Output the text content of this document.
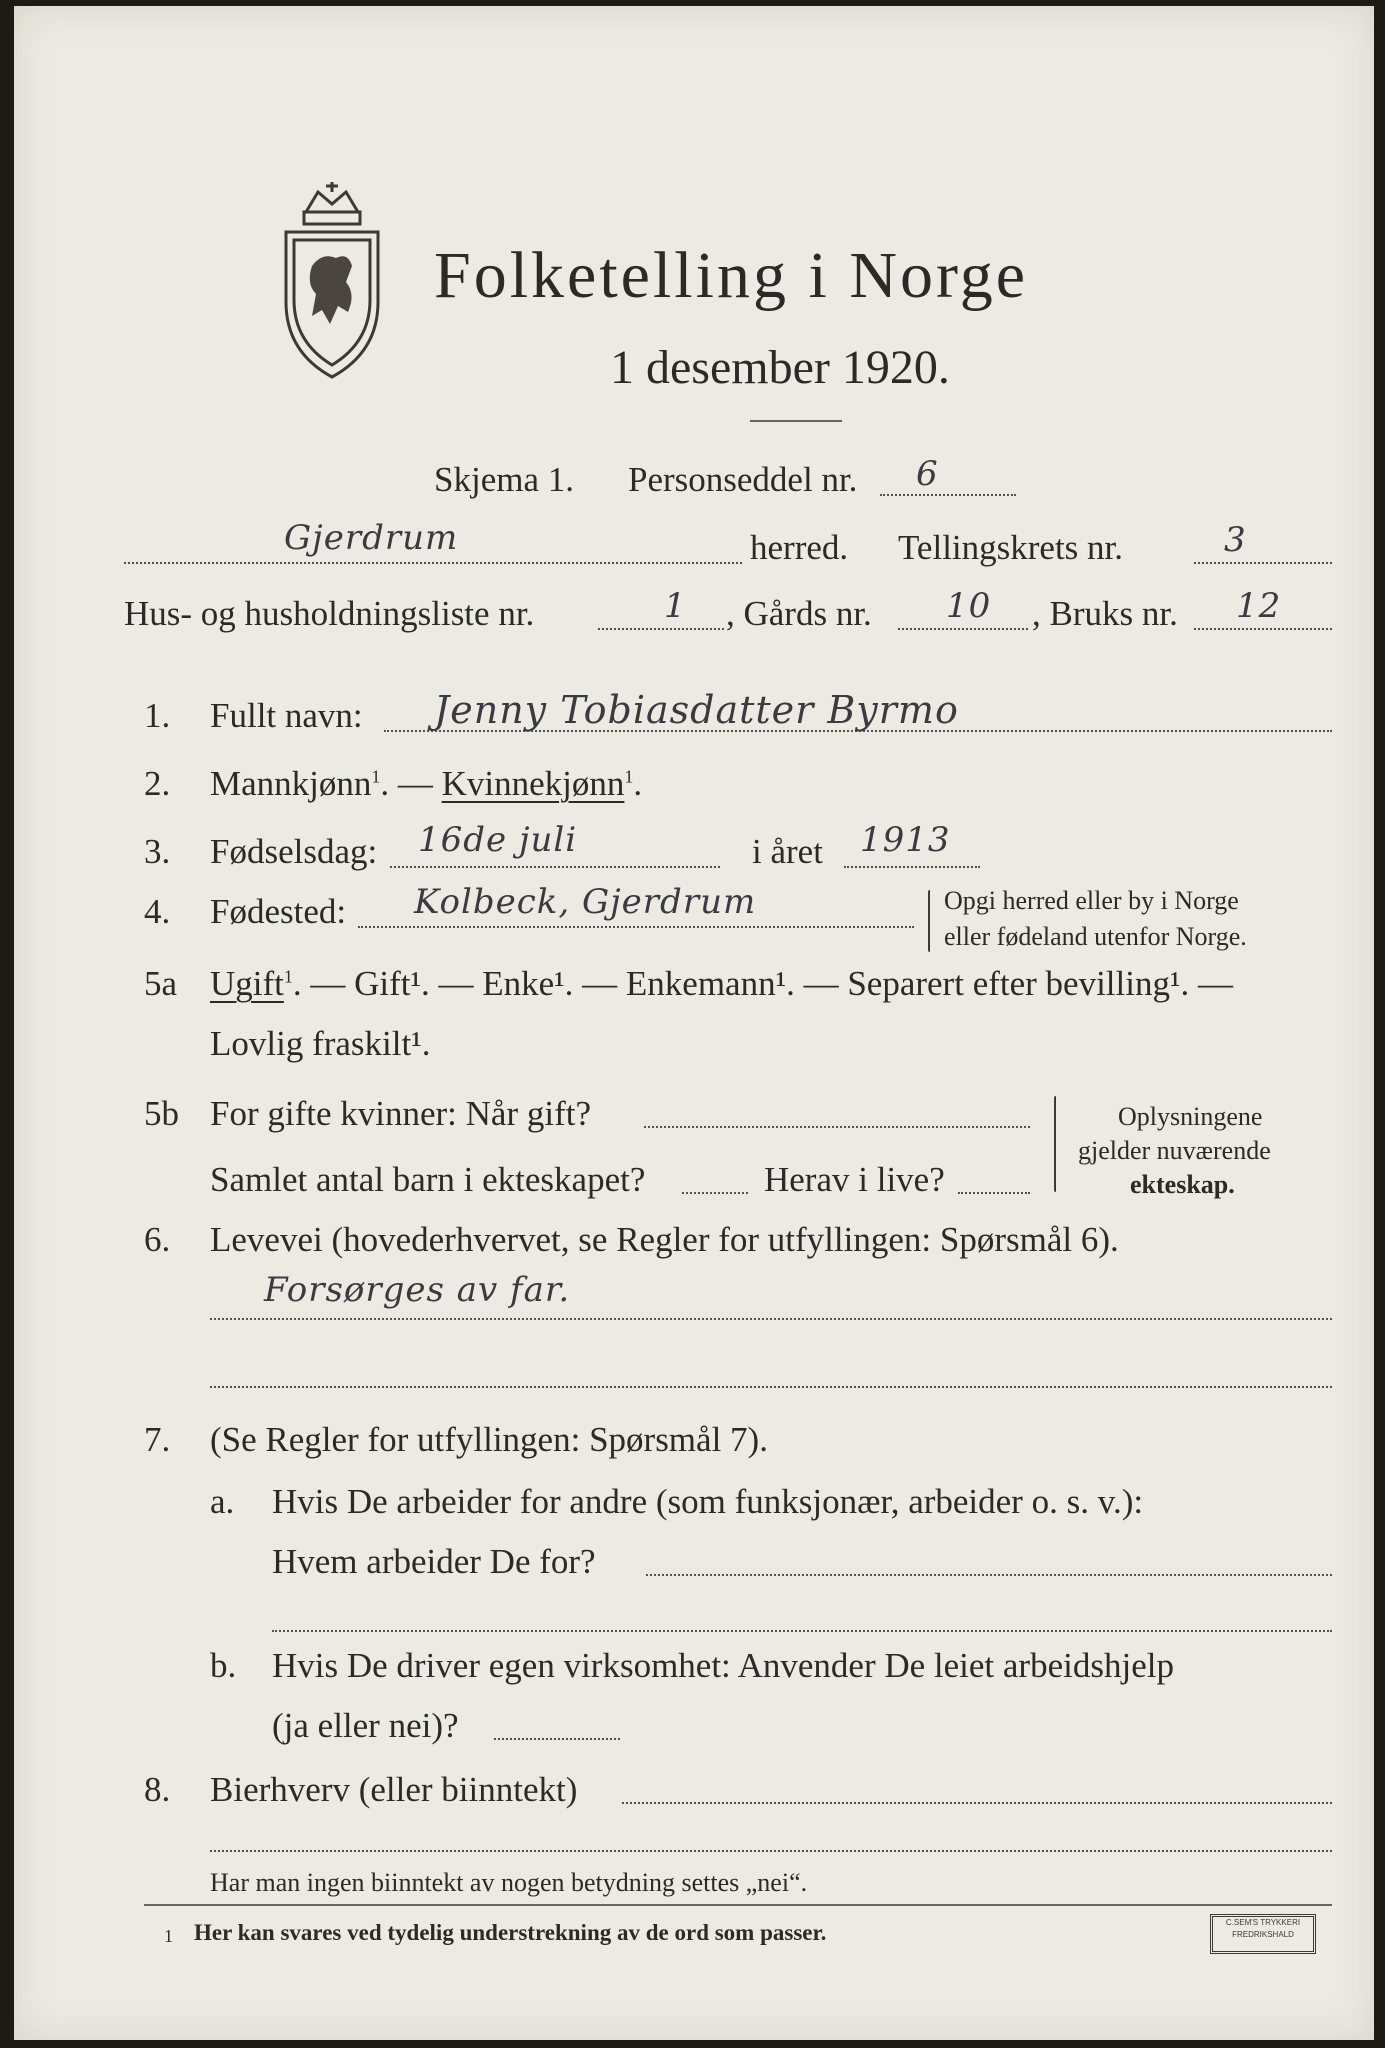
Folketelling i Norge
1 desember 1920.
Skjema 1. Personseddel nr. 6
Gjerdrum	herred. Tellingskrets nr.	3
Hus- og husholdningsliste nr.	1 , Gårds nr. 10 , Bruks nr. 12
1. Fullt navn: Jenny Tobiasdatter Byrmo
2. Mannkjønn$^1$. — Kvinnekjønn$^1$.
3. Fødselsdag: 16de juli	i året 1913
4. Fødested: Kolbeck, Gjerdrum	Opgi herred eller by i Norge
eller fødeland utenfor Norge.
5a Ugift$^1$. — Gift¹. — Enke¹. — Enkemann¹. — Separert efter bevilling¹. —
Lovlig fraskilt¹.
5b For gifte kvinner: Når gift?
Samlet antal barn i ekteskapet?	Herav i live?
Oplysningene
gjelder nuværende
ekteskap.
6. Levevei (hovederhvervet, se Regler for utfyllingen: Spørsmål 6).
Forsørges av far.
7. (Se Regler for utfyllingen: Spørsmål 7).
a. Hvis De arbeider for andre (som funksjonær, arbeider o. s. v.):
Hvem arbeider De for?
b. Hvis De driver egen virksomhet: Anvender De leiet arbeidshjelp
(ja eller nei)?
8. Bierhverv (eller biinntekt)
Har man ingen biinntekt av nogen betydning settes „nei“.
1 Her kan svares ved tydelig understrekning av de ord som passer.	C.SEM'S TRYKKERI
FREDRIKSHALD
